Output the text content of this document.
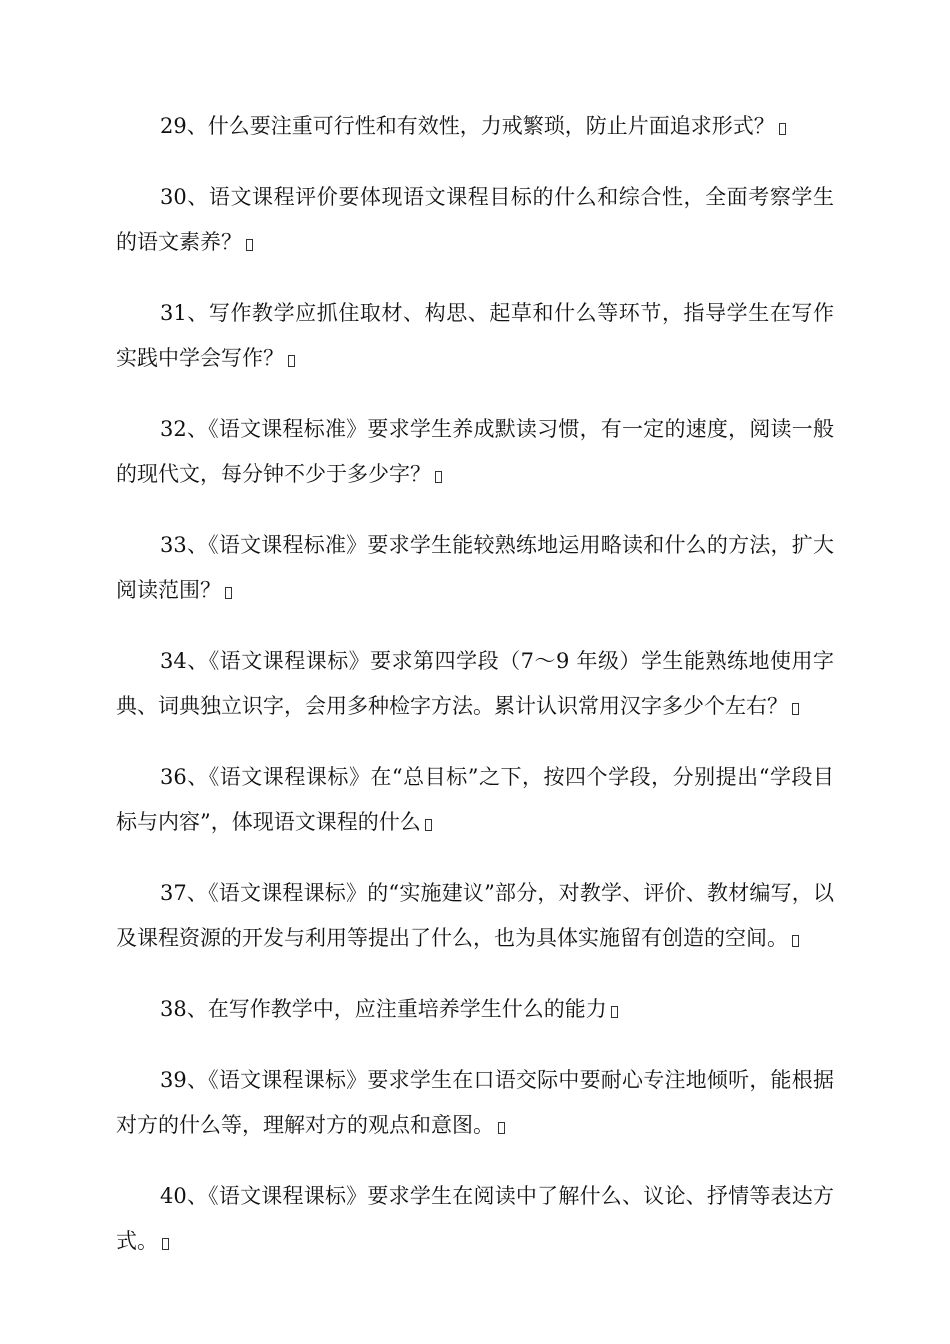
29、什么要注重可行性和有效性，力戒繁琐，防止片面追求形式？

30、语文课程评价要体现语文课程目标的什么和综合性，全面考察学生的语文素养？

31、写作教学应抓住取材、构思、起草和什么等环节，指导学生在写作实践中学会写作？

32、《语文课程标准》要求学生养成默读习惯，有一定的速度，阅读一般的现代文，每分钟不少于多少字？

33、《语文课程标准》要求学生能较熟练地运用略读和什么的方法，扩大阅读范围？

34、《语文课程课标》要求第四学段（7～9 年级）学生能熟练地使用字典、词典独立识字，会用多种检字方法。累计认识常用汉字多少个左右？

36、《语文课程课标》在“总目标”之下，按四个学段，分别提出“学段目标与内容”，体现语文课程的什么

37、《语文课程课标》的“实施建议”部分，对教学、评价、教材编写，以及课程资源的开发与利用等提出了什么，也为具体实施留有创造的空间。

38、在写作教学中，应注重培养学生什么的能力

39、《语文课程课标》要求学生在口语交际中要耐心专注地倾听，能根据对方的什么等，理解对方的观点和意图。

40、《语文课程课标》要求学生在阅读中了解什么、议论、抒情等表达方式。
